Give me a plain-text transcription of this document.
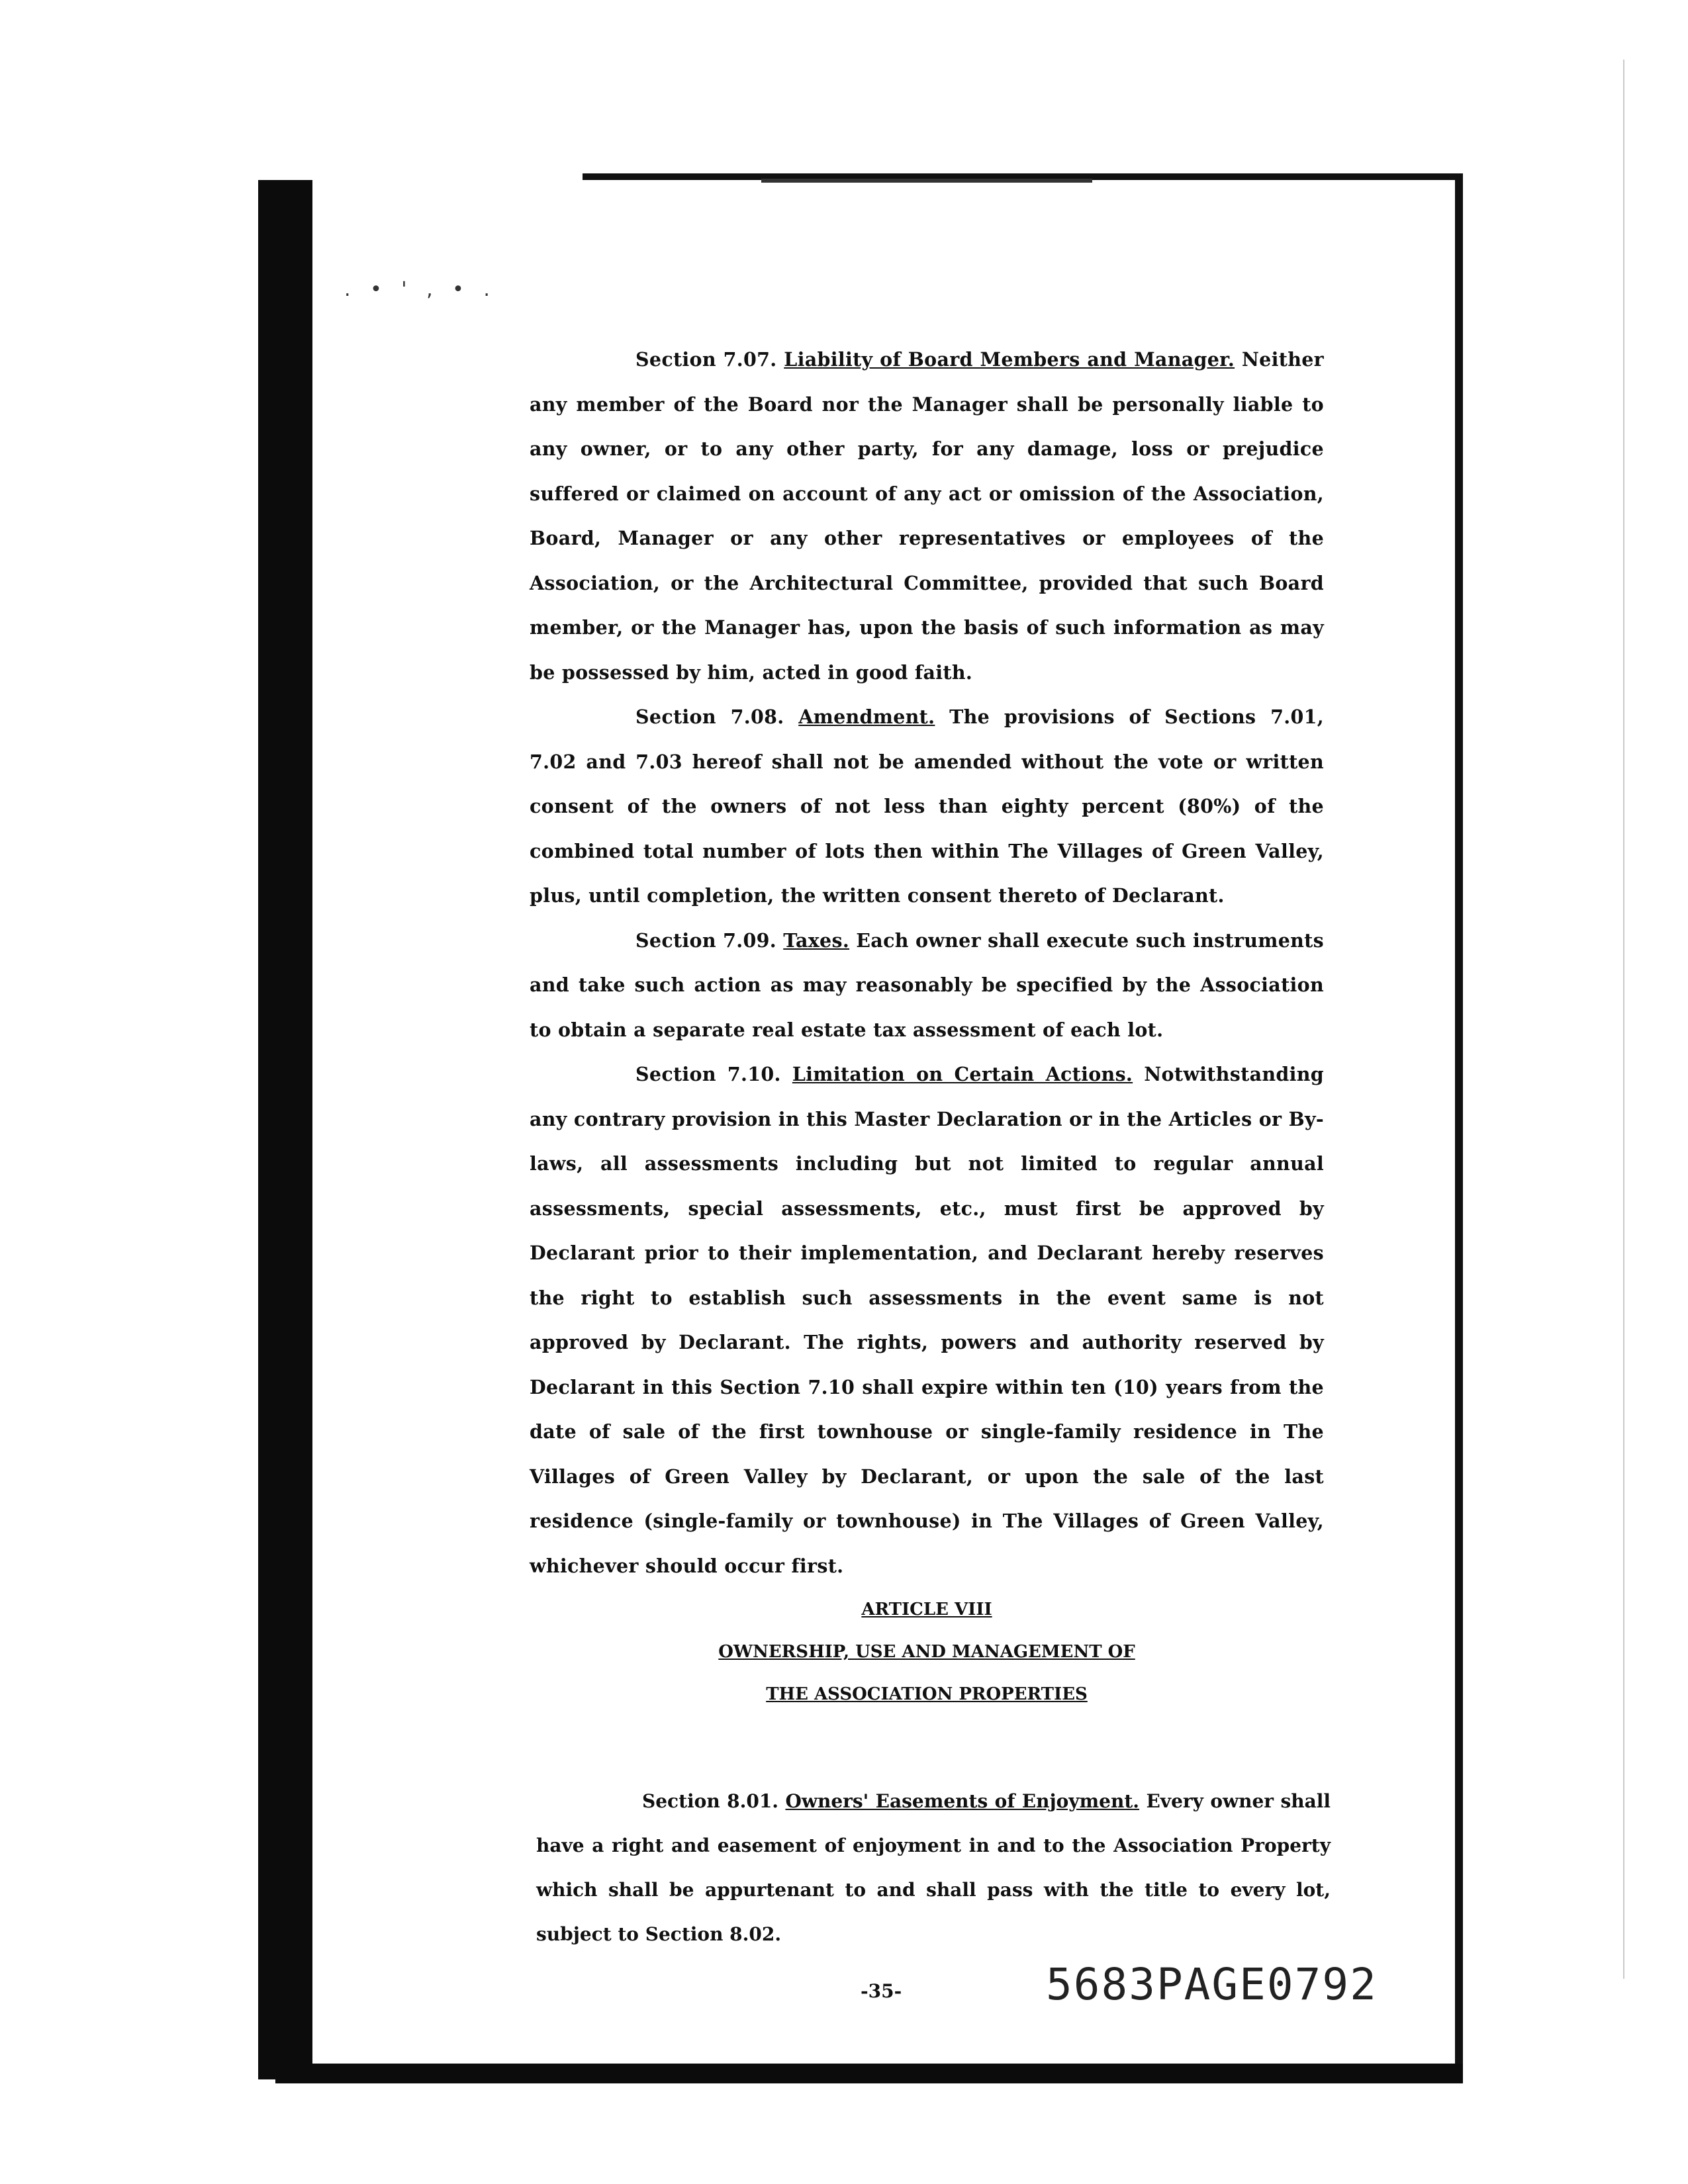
. • ' , • .

Section 7.07. Liability of Board Members and Manager. Neither any member of the Board nor the Manager shall be personally liable to any owner, or to any other party, for any damage, loss or prejudice suffered or claimed on account of any act or omission of the Association, Board, Manager or any other representatives or employees of the Association, or the Architectural Committee, provided that such Board member, or the Manager has, upon the basis of such information as may be possessed by him, acted in good faith.

Section 7.08. Amendment. The provisions of Sections 7.01, 7.02 and 7.03 hereof shall not be amended without the vote or written consent of the owners of not less than eighty percent (80%) of the combined total number of lots then within The Villages of Green Valley, plus, until completion, the written consent thereto of Declarant.

Section 7.09. Taxes. Each owner shall execute such instruments and take such action as may reasonably be specified by the Association to obtain a separate real estate tax assessment of each lot.

Section 7.10. Limitation on Certain Actions. Notwithstanding any contrary provision in this Master Declaration or in the Articles or By-laws, all assessments including but not limited to regular annual assessments, special assessments, etc., must first be approved by Declarant prior to their implementation, and Declarant hereby reserves the right to establish such assessments in the event same is not approved by Declarant. The rights, powers and authority reserved by Declarant in this Section 7.10 shall expire within ten (10) years from the date of sale of the first townhouse or single-family residence in The Villages of Green Valley by Declarant, or upon the sale of the last residence (single-family or townhouse) in The Villages of Green Valley, whichever should occur first.

ARTICLE VIII
OWNERSHIP, USE AND MANAGEMENT OF
THE ASSOCIATION PROPERTIES

Section 8.01. Owners' Easements of Enjoyment. Every owner shall have a right and easement of enjoyment in and to the Association Property which shall be appurtenant to and shall pass with the title to every lot, subject to Section 8.02.

-35-	5683PAGE0792
